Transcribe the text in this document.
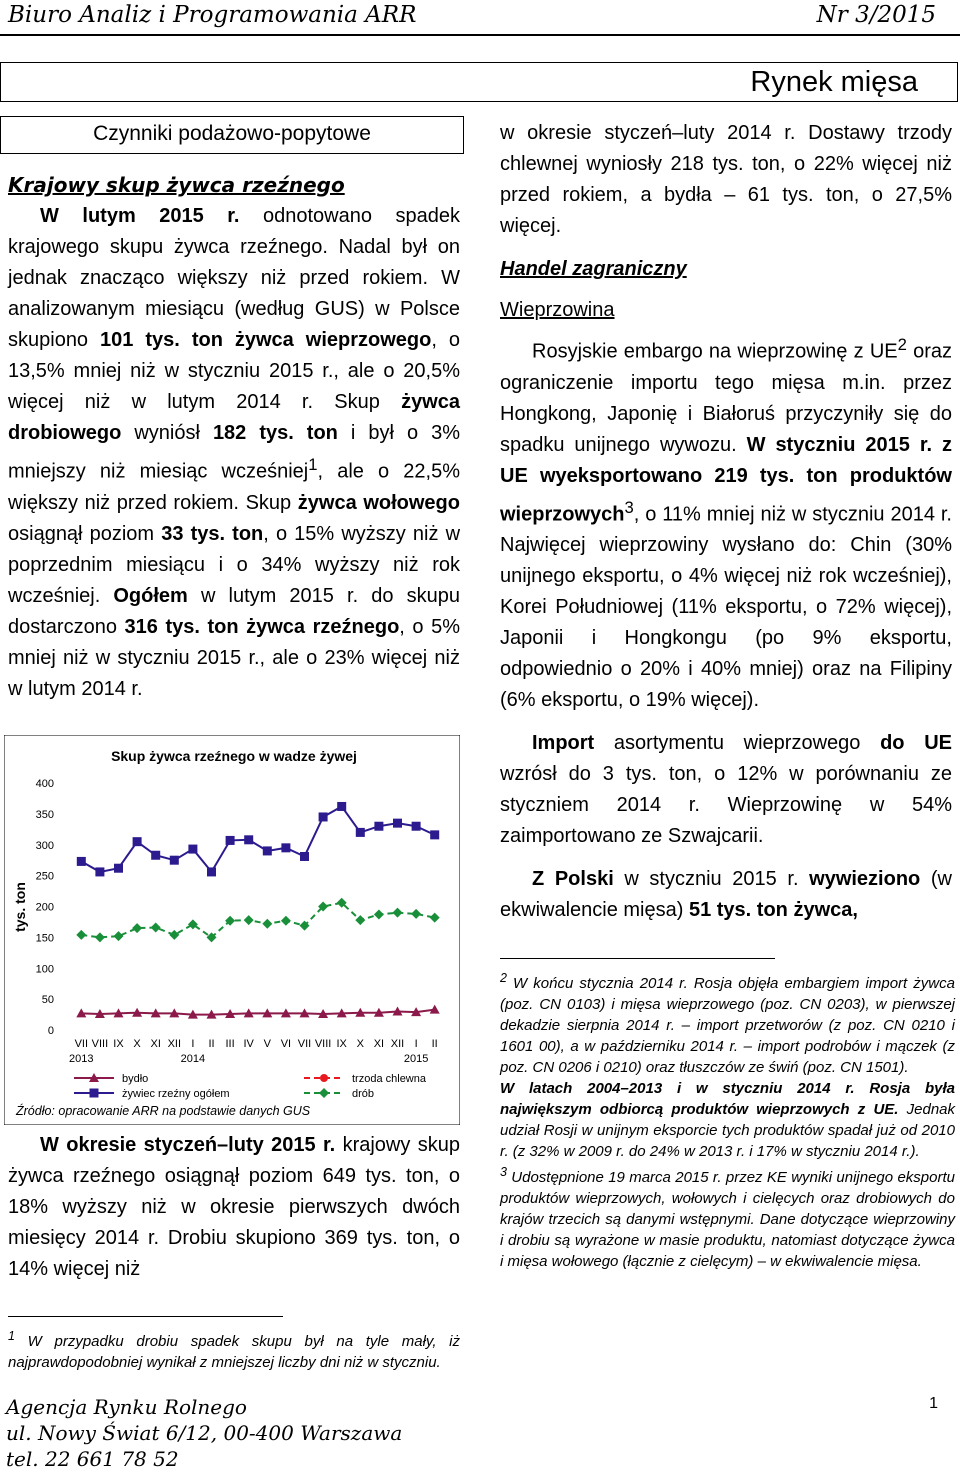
Biuro Analiz i Programowania ARR	Nr 3/2015
Rynek mięsa
Czynniki podażowo-popytowe
Krajowy skup żywca rzeźnego
W lutym 2015 r. odnotowano spadek krajowego skupu żywca rzeźnego. Nadal był on jednak znacząco większy niż przed rokiem. W analizowanym miesiącu (według GUS) w Polsce skupiono 101 tys. ton żywca wieprzowego, o 13,5% mniej niż w styczniu 2015 r., ale o 20,5% więcej niż w lutym 2014 r. Skup żywca drobiowego wyniósł 182 tys. ton i był o 3% mniejszy niż miesiąc wcześniej$^1$, ale o 22,5% większy niż przed rokiem. Skup żywca wołowego osiągnął poziom 33 tys. ton, o 15% wyższy niż w poprzednim miesiącu i o 34% wyższy niż rok wcześniej. Ogółem w lutym 2015 r. do skupu dostarczono 316 tys. ton żywca rzeźnego, o 5% mniej niż w styczniu 2015 r., ale o 23% więcej niż w lutym 2014 r.
Skup żywca rzeźnego w wadze żywej
tys. ton
0
50
100
150
200
250
300
350
400
VII VIII IX X XI XII I II III IV V VI VII VIII IX X XI XII I II
2013	2014	2015
bydło	trzoda chlewna
żywiec rzeźny ogółem	drób
Źródło: opracowanie ARR na podstawie danych GUS
W okresie styczeń–luty 2015 r. krajowy skup żywca rzeźnego osiągnął poziom 649 tys. ton, o 18% wyższy niż w okresie pierwszych dwóch miesięcy 2014 r. Drobiu skupiono 369 tys. ton, o 14% więcej niż
$^1$ W przypadku drobiu spadek skupu był na tyle mały, iż najprawdopodobniej wynikał z mniejszej liczby dni niż w styczniu.
w okresie styczeń–luty 2014 r. Dostawy trzody chlewnej wyniosły 218 tys. ton, o 22% więcej niż przed rokiem, a bydła – 61 tys. ton, o 27,5% więcej.
Handel zagraniczny
Wieprzowina
Rosyjskie embargo na wieprzowinę z $UE^2$ oraz ograniczenie importu tego mięsa m.in. przez Hongkong, Japonię i Białoruś przyczyniły się do spadku unijnego wywozu. W styczniu 2015 r. z UE wyeksportowano 219 tys. ton produktów wieprzowych$^3$, o 11% mniej niż w styczniu 2014 r. Najwięcej wieprzowiny wysłano do: Chin (30% unijnego eksportu, o 4% więcej niż rok wcześniej), Korei Południowej (11% eksportu, o 72% więcej), Japonii i Hongkongu (po 9% eksportu, odpowiednio o 20% i 40% mniej) oraz na Filipiny (6% eksportu, o 19% więcej).
Import asortymentu wieprzowego do UE wzrósł do 3 tys. ton, o 12% w porównaniu ze styczniem 2014 r. Wieprzowinę w 54% zaimportowano ze Szwajcarii.
Z Polski w styczniu 2015 r. wywieziono (w ekwiwalencie mięsa) 51 tys. ton żywca,
$^2$ W końcu stycznia 2014 r. Rosja objęła embargiem import żywca (poz. CN 0103) i mięsa wieprzowego (poz. CN 0203), w pierwszej dekadzie sierpnia 2014 r. – import przetworów (z poz. CN 0210 i 1601 00), a w październiku 2014 r. – import podrobów i mączek (z poz. CN 0206 i 0210) oraz tłuszczów ze świń (poz. CN 1501).
W latach 2004–2013 i w styczniu 2014 r. Rosja była największym odbiorcą produktów wieprzowych z UE. Jednak udział Rosji w unijnym eksporcie tych produktów spadał już od 2010 r. (z 32% w 2009 r. do 24% w 2013 r. i 17% w styczniu 2014 r.).
$^3$ Udostępnione 19 marca 2015 r. przez KE wyniki unijnego eksportu produktów wieprzowych, wołowych i cielęcych oraz drobiowych do krajów trzecich są danymi wstępnymi. Dane dotyczące wieprzowiny i drobiu są wyrażone w masie produktu, natomiast dotyczące żywca i mięsa wołowego (łącznie z cielęcym) – w ekwiwalencie mięsa.
Agencja Rynku Rolnego
ul. Nowy Świat 6/12, 00-400 Warszawa
tel. 22 661 78 52
1
